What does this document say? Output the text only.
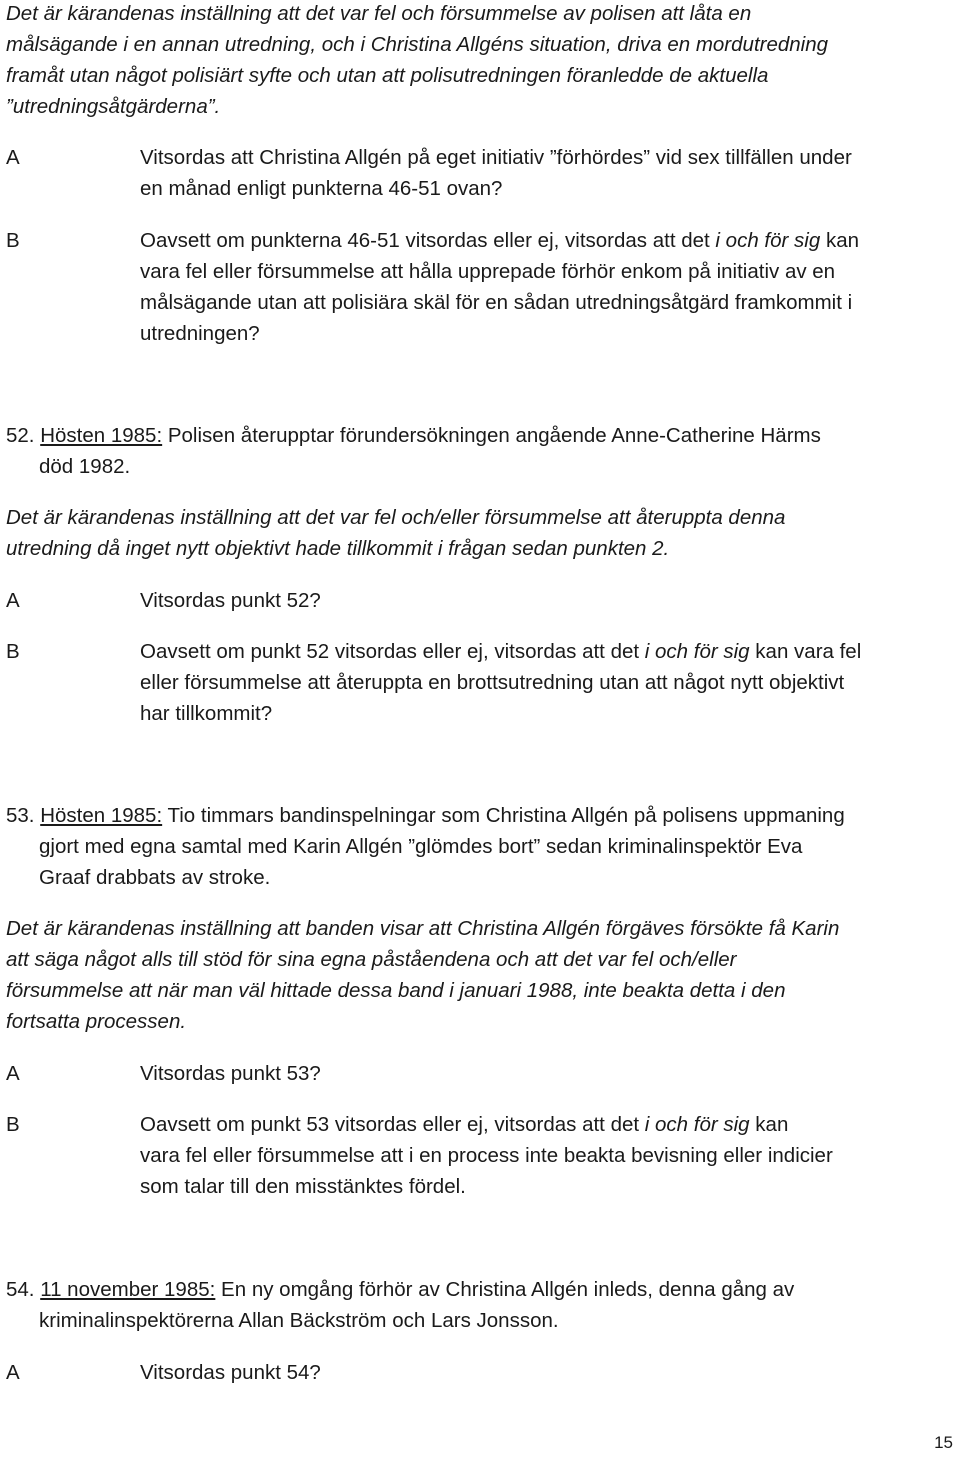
Det är kärandenas inställning att det var fel och försummelse av polisen att låta en
målsägande i en annan utredning, och i Christina Allgéns situation, driva en mordutredning
framåt utan något polisiärt syfte och utan att polisutredningen föranledde de aktuella
”utredningsåtgärderna”.
A	Vitsordas att Christina Allgén på eget initiativ ”förhördes” vid sex tillfällen under
en månad enligt punkterna 46-51 ovan?
B	Oavsett om punkterna 46-51 vitsordas eller ej, vitsordas att det i och för sig kan
vara fel eller försummelse att hålla upprepade förhör enkom på initiativ av en
målsägande utan att polisiära skäl för en sådan utredningsåtgärd framkommit i
utredningen?
52. Hösten 1985: Polisen återupptar förundersökningen angående Anne-Catherine Härms
död 1982.
Det är kärandenas inställning att det var fel och/eller försummelse att återuppta denna
utredning då inget nytt objektivt hade tillkommit i frågan sedan punkten 2.
A	Vitsordas punkt 52?
B	Oavsett om punkt 52 vitsordas eller ej, vitsordas att det i och för sig kan vara fel
eller försummelse att återuppta en brottsutredning utan att något nytt objektivt
har tillkommit?
53. Hösten 1985: Tio timmars bandinspelningar som Christina Allgén på polisens uppmaning
gjort med egna samtal med Karin Allgén ”glömdes bort” sedan kriminalinspektör Eva
Graaf drabbats av stroke.
Det är kärandenas inställning att banden visar att Christina Allgén förgäves försökte få Karin
att säga något alls till stöd för sina egna påståendena och att det var fel och/eller
försummelse att när man väl hittade dessa band i januari 1988, inte beakta detta i den
fortsatta processen.
A	Vitsordas punkt 53?
B	Oavsett om punkt 53 vitsordas eller ej, vitsordas att det i och för sig kan
vara fel eller försummelse att i en process inte beakta bevisning eller indicier
som talar till den misstänktes fördel.
54. 11 november 1985: En ny omgång förhör av Christina Allgén inleds, denna gång av
kriminalinspektörerna Allan Bäckström och Lars Jonsson.
A	Vitsordas punkt 54?
15
